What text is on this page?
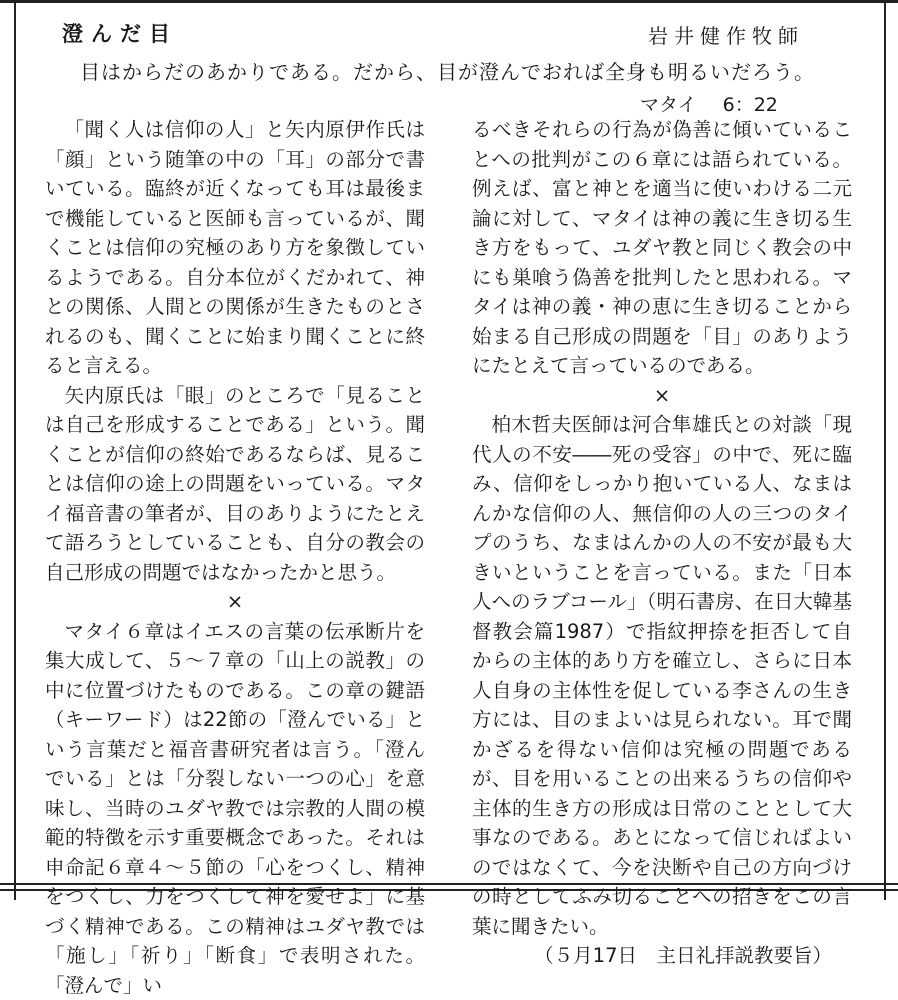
澄んだ目	岩井健作牧師
目はからだのあかりである。だから、目が澄んでおれば全身も明るいだろう。
マタイ 6：22

「聞く人は信仰の人」と矢内原伊作氏は「顔」という随筆の中の「耳」の部分で書いている。臨終が近くなっても耳は最後まで機能していると医師も言っているが、聞くことは信仰の究極のあり方を象徴しているようである。自分本位がくだかれて、神との関係、人間との関係が生きたものとされるのも、聞くことに始まり聞くことに終ると言える。

矢内原氏は「眼」のところで「見ることは自己を形成することである」という。聞くことが信仰の終始であるならば、見ることは信仰の途上の問題をいっている。マタイ福音書の筆者が、目のありようにたとえて語ろうとしていることも、自分の教会の自己形成の問題ではなかったかと思う。

×

マタイ６章はイエスの言葉の伝承断片を集大成して、５～７章の「山上の説教」の中に位置づけたものである。この章の鍵語（キーワード）は22節の「澄んでいる」という言葉だと福音書研究者は言う。「澄んでいる」とは「分裂しない一つの心」を意味し、当時のユダヤ教では宗教的人間の模範的特徴を示す重要概念であった。それは申命記６章４～５節の「心をつくし、精神をつくし、力をつくして神を愛せよ」に基づく精神である。この精神はユダヤ教では「施し」「祈り」「断食」で表明された。「澄んで」い

るべきそれらの行為が偽善に傾いていることへの批判がこの６章には語られている。例えば、富と神とを適当に使いわける二元論に対して、マタイは神の義に生き切る生き方をもって、ユダヤ教と同じく教会の中にも巣喰う偽善を批判したと思われる。マタイは神の義・神の恵に生き切ることから始まる自己形成の問題を「目」のありようにたとえて言っているのである。

×

柏木哲夫医師は河合隼雄氏との対談「現代人の不安――死の受容」の中で、死に臨み、信仰をしっかり抱いている人、なまはんかな信仰の人、無信仰の人の三つのタイプのうち、なまはんかの人の不安が最も大きいということを言っている。また「日本人へのラブコール」（明石書房、在日大韓基督教会篇1987）で指紋押捺を拒否して自からの主体的あり方を確立し、さらに日本人自身の主体性を促している李さんの生き方には、目のまよいは見られない。耳で聞かざるを得ない信仰は究極の問題であるが、目を用いることの出来るうちの信仰や主体的生き方の形成は日常のこととして大事なのである。あとになって信じればよいのではなくて、今を決断や自己の方向づけの時としてふみ切ることへの招きをこの言葉に聞きたい。

（５月17日　主日礼拝説教要旨）
